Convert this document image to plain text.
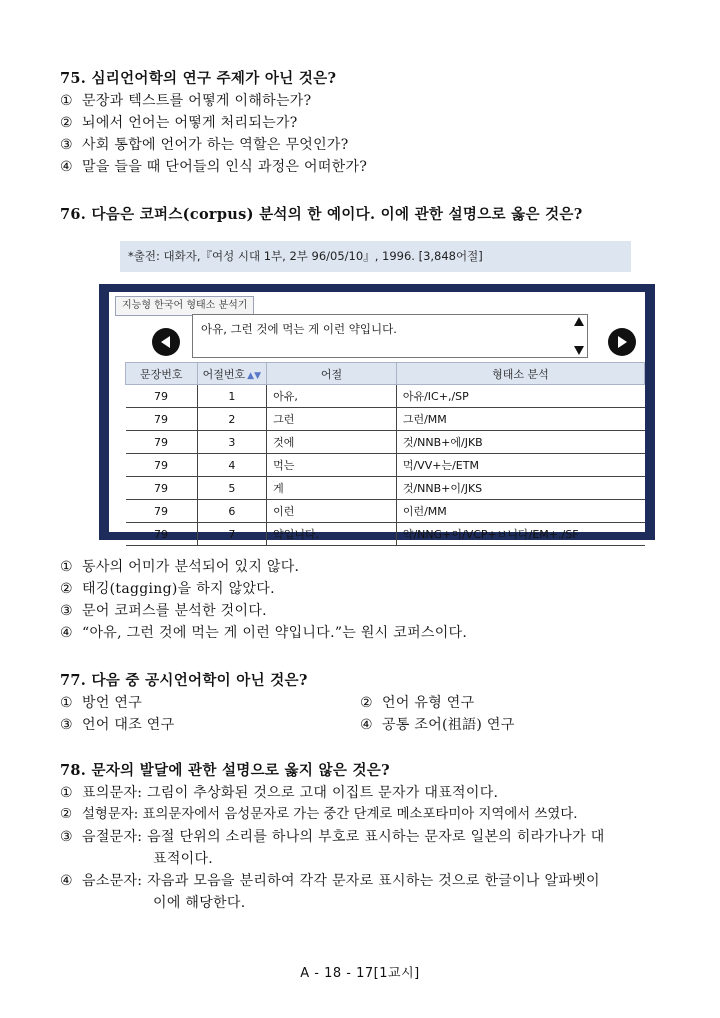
75. 심리언어학의 연구 주제가 아닌 것은?
① 문장과 텍스트를 어떻게 이해하는가?
② 뇌에서 언어는 어떻게 처리되는가?
③ 사회 통합에 언어가 하는 역할은 무엇인가?
④ 말을 들을 때 단어들의 인식 과정은 어떠한가?
76. 다음은 코퍼스(corpus) 분석의 한 예이다. 이에 관한 설명으로 옳은 것은?
*출전: 대화자,『여성 시대 1부, 2부 96/05/10』, 1996. [3,848어절]
지능형 한국어 형태소 분석기
아유, 그런 것에 먹는 게 이런 약입니다.
문장번호	어절번호 ▲▼	어절	형태소 분석
79	1	아유,	아유/IC+,/SP
79	2	그런	그런/MM
79	3	것에	것/NNB+에/JKB
79	4	먹는	먹/VV+는/ETM
79	5	게	것/NNB+이/JKS
79	6	이런	이런/MM
79	7	약입니다.	약/NNG+이/VCP+ㅂ니다/EM+./SF
① 동사의 어미가 분석되어 있지 않다.
② 태깅(tagging)을 하지 않았다.
③ 문어 코퍼스를 분석한 것이다.
④ “아유, 그런 것에 먹는 게 이런 약입니다.”는 원시 코퍼스이다.
77. 다음 중 공시언어학이 아닌 것은?
① 방언 연구	② 언어 유형 연구
③ 언어 대조 연구	④ 공통 조어(祖語) 연구
78. 문자의 발달에 관한 설명으로 옳지 않은 것은?
① 표의문자: 그림이 추상화된 것으로 고대 이집트 문자가 대표적이다.
② 설형문자: 표의문자에서 음성문자로 가는 중간 단계로 메소포타미아 지역에서 쓰였다.
③ 음절문자: 음절 단위의 소리를 하나의 부호로 표시하는 문자로 일본의 히라가나가 대
표적이다.
④ 음소문자: 자음과 모음을 분리하여 각각 문자로 표시하는 것으로 한글이나 알파벳이
이에 해당한다.
A - 18 - 17[1교시]
